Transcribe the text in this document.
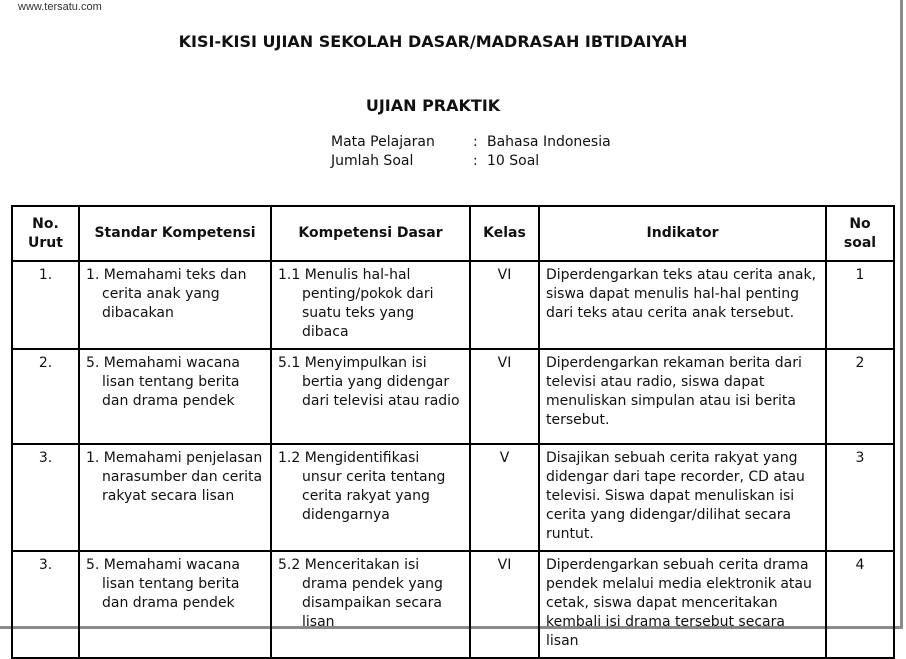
www.tersatu.com
KISI-KISI UJIAN SEKOLAH DASAR/MADRASAH IBTIDAIYAH
UJIAN PRAKTIK
Mata Pelajaran	: Bahasa Indonesia
Jumlah Soal	: 10 Soal
No. Urut	Standar Kompetensi	Kompetensi Dasar	Kelas	Indikator	No soal
1.	1. Memahami teks dan cerita anak yang dibacakan	1.1 Menulis hal-hal penting/pokok dari suatu teks yang dibaca	VI	Diperdengarkan teks atau cerita anak, siswa dapat menulis hal-hal penting dari teks atau cerita anak tersebut.	1
2.	5. Memahami wacana lisan tentang berita dan drama pendek	5.1 Menyimpulkan isi bertia yang didengar dari televisi atau radio	VI	Diperdengarkan rekaman berita dari televisi atau radio, siswa dapat menuliskan simpulan atau isi berita tersebut.	2
3.	1. Memahami penjelasan narasumber dan cerita rakyat secara lisan	1.2 Mengidentifikasi unsur cerita tentang cerita rakyat yang didengarnya	V	Disajikan sebuah cerita rakyat yang didengar dari tape recorder, CD atau televisi. Siswa dapat menuliskan isi cerita yang didengar/dilihat secara runtut.	3
3.	5. Memahami wacana lisan tentang berita dan drama pendek	5.2 Menceritakan isi drama pendek yang disampaikan secara lisan	VI	Diperdengarkan sebuah cerita drama pendek melalui media elektronik atau cetak, siswa dapat menceritakan kembali isi drama tersebut secara lisan	4
